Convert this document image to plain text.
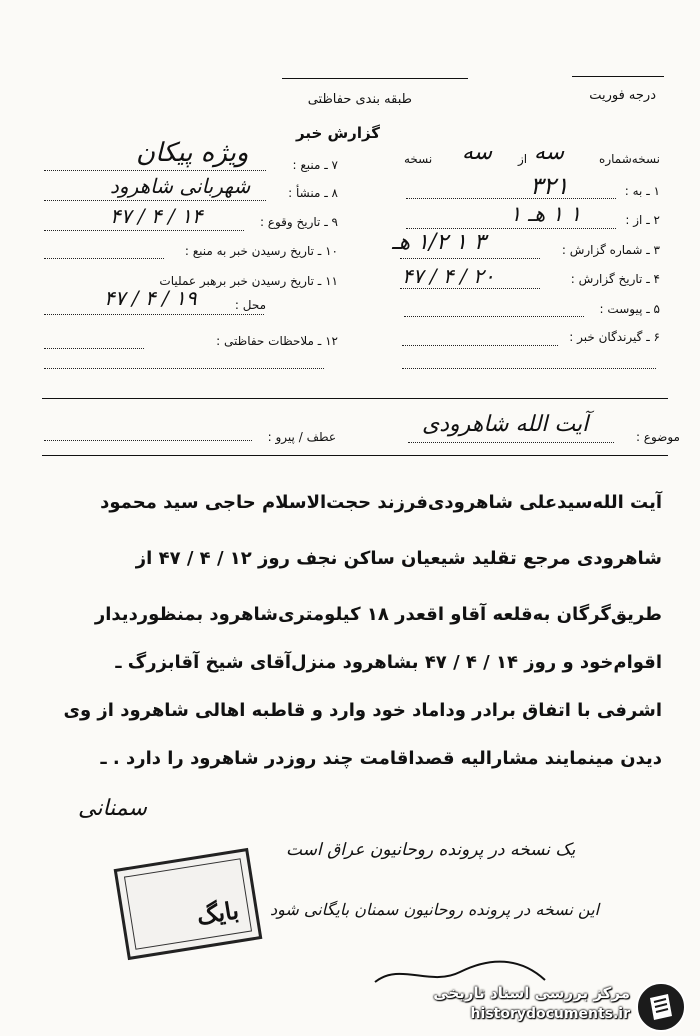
طبقه بندی حفاظتی	درجه فوریت
گزارش خبر
نسخه‌شماره
سه
از
سه
نسخه
۱ ـ به :
۳۲۱
۲ ـ از :
۱ ۱ هـ ۱
۳ ـ شماره گزارش :
۳ ۱ ۱/۲ هـ
۴ ـ تاریخ گزارش :
۲۰ / ۴ / ۴۷
۵ ـ پیوست :
۶ ـ گیرندگان خبر :
۷ ـ منبع :
ویژه پیکان
۸ ـ منشأ :
شهربانی شاهرود
۹ ـ تاریخ وقوع :
۱۴ / ۴ / ۴۷
۱۰ ـ تاریخ رسیدن خبر به منبع :
۱۱ ـ تاریخ رسیدن خبر برهبر عملیات
محل :
۱۹ / ۴ / ۴۷
۱۲ ـ ملاحظات حفاظتی :
موضوع :
آیت الله شاهرودی
عطف / پیرو :
آیت الله‌سید‌علی شاهرودی‌فرزند حجت‌الاسلام حاجی سید محمود
شاهرودی مرجع تقلید شیعیان ساکن نجف روز ۱۲ / ۴ / ۴۷ از
طریق‌گرگان به‌قلعه آقاو اقعدر ۱۸ کیلومتری‌شاهرود بمنظوردیدار
اقوام‌خود و روز ۱۴ / ۴ / ۴۷ بشاهرود منزل‌آقای شیخ آقابزرگ ـ
اشرفی با اتفاق برادر وداماد خود وارد و قاطبه اهالی شاهرود از وی
دیدن مینمایند مشارالیه قصد‌اقامت چند روزدر شاهرود را دارد . ـ
سمنانی
یک نسخه در پرونده روحانیون عراق است
این نسخه در پرونده روحانیون سمنان بایگانی شود
بایگ
مرکز بررسی اسناد تاریخی
historydocuments.ir
